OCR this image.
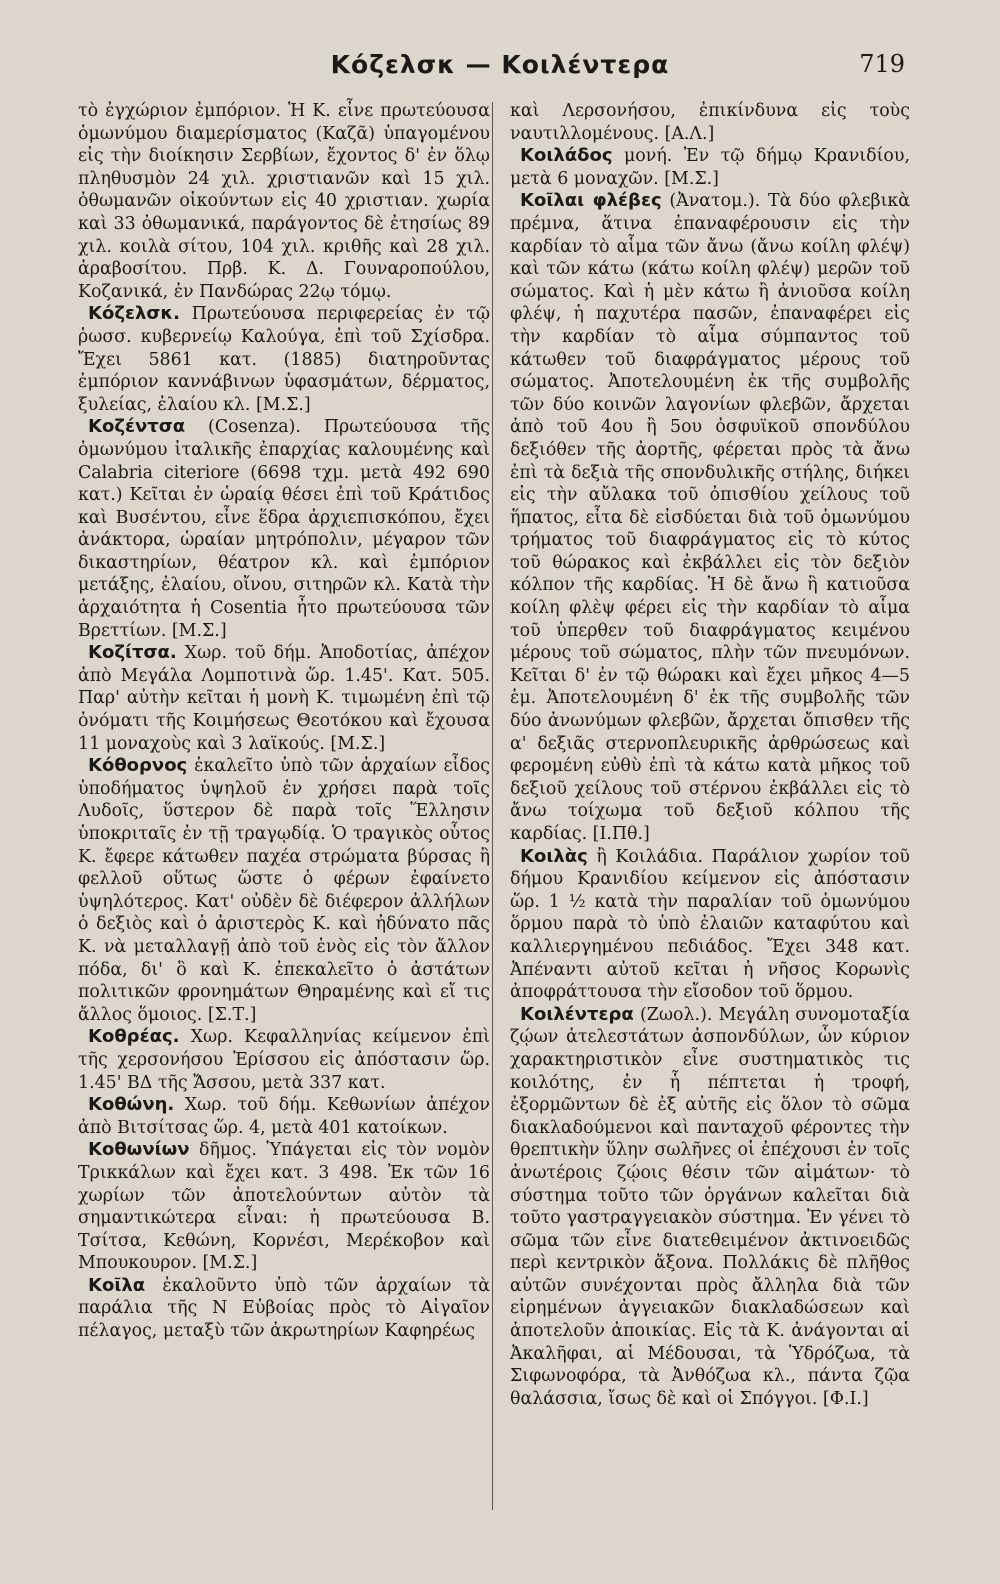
Κόζελσκ — Κοιλέντερα	719

τὸ ἐγχώριον ἐμπόριον. Ἡ Κ. εἶνε πρωτεύουσα ὁμωνύμου διαμερίσματος (Καζᾶ) ὑπαγομένου εἰς τὴν διοίκησιν Σερβίων, ἔχοντος δ' ἐν ὅλῳ πληθυσμὸν 24 χιλ. χριστιανῶν καὶ 15 χιλ. ὀθωμανῶν οἰκούντων εἰς 40 χριστιαν. χωρία καὶ 33 ὀθωμανικά, παράγοντος δὲ ἐτησίως 89 χιλ. κοιλὰ σίτου, 104 χιλ. κριθῆς καὶ 28 χιλ. ἀραβοσίτου. Πρβ. Κ. Δ. Γουναροπούλου, Κοζανικά, ἐν Πανδώρας 22ῳ τόμῳ.

Κόζελσκ. Πρωτεύουσα περιφερείας ἐν τῷ ῥωσσ. κυβερνείῳ Καλούγα, ἐπὶ τοῦ Σχίσδρα. Ἔχει 5861 κατ. (1885) διατηροῦντας ἐμπόριον καννάβινων ὑφασμάτων, δέρματος, ξυλείας, ἐλαίου κλ. [Μ.Σ.]

Κοζέντσα (Cosenza). Πρωτεύουσα τῆς ὁμωνύμου ἰταλικῆς ἐπαρχίας καλουμένης καὶ Calabria citeriore (6698 τχμ. μετὰ 492 690 κατ.) Κεῖται ἐν ὡραίᾳ θέσει ἐπὶ τοῦ Κράτιδος καὶ Βυσέντου, εἶνε ἕδρα ἀρχιεπισκόπου, ἔχει ἀνάκτορα, ὡραίαν μητρόπολιν, μέγαρον τῶν δικαστηρίων, θέατρον κλ. καὶ ἐμπόριον μετάξης, ἐλαίου, οἴνου, σιτηρῶν κλ. Κατὰ τὴν ἀρχαιότητα ἡ Cosentia ἦτο πρωτεύουσα τῶν Βρεττίων. [Μ.Σ.]

Κοζίτσα. Χωρ. τοῦ δήμ. Ἀποδοτίας, ἀπέχον ἀπὸ Μεγάλα Λομποτινὰ ὥρ. 1.45'. Κατ. 505. Παρ' αὐτὴν κεῖται ἡ μονὴ Κ. τιμωμένη ἐπὶ τῷ ὀνόματι τῆς Κοιμήσεως Θεοτόκου καὶ ἔχουσα 11 μοναχοὺς καὶ 3 λαϊκούς. [Μ.Σ.]

Κόθορνος ἐκαλεῖτο ὑπὸ τῶν ἀρχαίων εἶδος ὑποδήματος ὑψηλοῦ ἐν χρήσει παρὰ τοῖς Λυδοῖς, ὕστερον δὲ παρὰ τοῖς Ἕλλησιν ὑποκριταῖς ἐν τῇ τραγῳδίᾳ. Ὁ τραγικὸς οὗτος Κ. ἔφερε κάτωθεν παχέα στρώματα βύρσας ἢ φελλοῦ οὕτως ὥστε ὁ φέρων ἐφαίνετο ὑψηλότερος. Κατ' οὐδὲν δὲ διέφερον ἀλλήλων ὁ δεξιὸς καὶ ὁ ἀριστερὸς Κ. καὶ ἠδύνατο πᾶς Κ. νὰ μεταλλαγῇ ἀπὸ τοῦ ἑνὸς εἰς τὸν ἄλλον πόδα, δι' ὃ καὶ Κ. ἐπεκαλεῖτο ὁ ἀστάτων πολιτικῶν φρονημάτων Θηραμένης καὶ εἴ τις ἄλλος ὅμοιος. [Σ.Τ.]

Κοθρέας. Χωρ. Κεφαλληνίας κείμενον ἐπὶ τῆς χερσονήσου Ἐρίσσου εἰς ἀπόστασιν ὥρ. 1.45' ΒΔ τῆς Ἄσσου, μετὰ 337 κατ.

Κοθώνη. Χωρ. τοῦ δήμ. Κεθωνίων ἀπέχον ἀπὸ Βιτσίτσας ὥρ. 4, μετὰ 401 κατοίκων.

Κοθωνίων δῆμος. Ὑπάγεται εἰς τὸν νομὸν Τρικκάλων καὶ ἔχει κατ. 3 498. Ἐκ τῶν 16 χωρίων τῶν ἀποτελούντων αὐτὸν τὰ σημαντικώτερα εἶναι: ἡ πρωτεύουσα Β. Τσίτσα, Κεθώνη, Κορνέσι, Μερέκοβον καὶ Μπουκουρον. [Μ.Σ.]

Κοῖλα ἐκαλοῦντο ὑπὸ τῶν ἀρχαίων τὰ παράλια τῆς Ν Εὐβοίας πρὸς τὸ Αἰγαῖον πέλαγος, μεταξὺ τῶν ἀκρωτηρίων Καφηρέως

καὶ Λερσονήσου, ἐπικίνδυνα εἰς τοὺς ναυτιλλομένους. [Α.Λ.]

Κοιλάδος μονή. Ἐν τῷ δήμῳ Κρανιδίου, μετὰ 6 μοναχῶν. [Μ.Σ.]

Κοῖλαι φλέβες (Ἀνατομ.). Τὰ δύο φλεβικὰ πρέμνα, ἅτινα ἐπαναφέρουσιν εἰς τὴν καρδίαν τὸ αἷμα τῶν ἄνω (ἄνω κοίλη φλέψ) καὶ τῶν κάτω (κάτω κοίλη φλέψ) μερῶν τοῦ σώματος. Καὶ ἡ μὲν κάτω ἢ ἀνιοῦσα κοίλη φλέψ, ἡ παχυτέρα πασῶν, ἐπαναφέρει εἰς τὴν καρδίαν τὸ αἷμα σύμπαντος τοῦ κάτωθεν τοῦ διαφράγματος μέρους τοῦ σώματος. Ἀποτελουμένη ἐκ τῆς συμβολῆς τῶν δύο κοινῶν λαγονίων φλεβῶν, ἄρχεται ἀπὸ τοῦ 4ου ἢ 5ου ὀσφυϊκοῦ σπονδύλου δεξιόθεν τῆς ἀορτῆς, φέρεται πρὸς τὰ ἄνω ἐπὶ τὰ δεξιὰ τῆς σπονδυλικῆς στήλης, διήκει εἰς τὴν αὔλακα τοῦ ὀπισθίου χείλους τοῦ ἥπατος, εἶτα δὲ εἰσδύεται διὰ τοῦ ὁμωνύμου τρήματος τοῦ διαφράγματος εἰς τὸ κύτος τοῦ θώρακος καὶ ἐκβάλλει εἰς τὸν δεξιὸν κόλπον τῆς καρδίας. Ἡ δὲ ἄνω ἢ κατιοῦσα κοίλη φλὲψ φέρει εἰς τὴν καρδίαν τὸ αἷμα τοῦ ὑπερθεν τοῦ διαφράγματος κειμένου μέρους τοῦ σώματος, πλὴν τῶν πνευμόνων. Κεῖται δ' ἐν τῷ θώρακι καὶ ἔχει μῆκος 4—5 ἑμ. Ἀποτελουμένη δ' ἐκ τῆς συμβολῆς τῶν δύο ἀνωνύμων φλεβῶν, ἄρχεται ὄπισθεν τῆς α' δεξιᾶς στερνοπλευρικῆς ἀρθρώσεως καὶ φερομένη εὐθὺ ἐπὶ τὰ κάτω κατὰ μῆκος τοῦ δεξιοῦ χείλους τοῦ στέρνου ἐκβάλλει εἰς τὸ ἄνω τοίχωμα τοῦ δεξιοῦ κόλπου τῆς καρδίας. [Ι.Πθ.]

Κοιλὰς ἢ Κοιλάδια. Παράλιον χωρίον τοῦ δήμου Κρανιδίου κείμενον εἰς ἀπόστασιν ὥρ. 1 ½ κατὰ τὴν παραλίαν τοῦ ὁμωνύμου ὅρμου παρὰ τὸ ὑπὸ ἐλαιῶν καταφύτου καὶ καλλιεργημένου πεδιάδος. Ἔχει 348 κατ. Ἀπέναντι αὐτοῦ κεῖται ἡ νῆσος Κορωνὶς ἀποφράττουσα τὴν εἴσοδον τοῦ ὅρμου.

Κοιλέντερα (Ζωολ.). Μεγάλη συνομοταξία ζῴων ἀτελεστάτων ἀσπονδύλων, ὧν κύριον χαρακτηριστικὸν εἶνε συστηματικὸς τις κοιλότης, ἐν ἧ πέπτεται ἡ τροφή, ἐξορμῶντων δὲ ἐξ αὐτῆς εἰς ὅλον τὸ σῶμα διακλαδούμενοι καὶ πανταχοῦ φέροντες τὴν θρεπτικὴν ὕλην σωλῆνες οἱ ἐπέχουσι ἐν τοῖς ἀνωτέροις ζῴοις θέσιν τῶν αἱμάτων· τὸ σύστημα τοῦτο τῶν ὀργάνων καλεῖται διὰ τοῦτο γαστραγγειακὸν σύστημα. Ἐν γένει τὸ σῶμα τῶν εἶνε διατεθειμένον ἀκτινοειδῶς περὶ κεντρικὸν ἄξονα. Πολλάκις δὲ πλῆθος αὐτῶν συνέχονται πρὸς ἄλληλα διὰ τῶν εἰρημένων ἀγγειακῶν διακλαδώσεων καὶ ἀποτελοῦν ἀποικίας. Εἰς τὰ Κ. ἀνάγονται αἱ Ἀκαλῆφαι, αἱ Μέδουσαι, τὰ Ὑδρόζωα, τὰ Σιφωνοφόρα, τὰ Ἀνθόζωα κλ., πάντα ζῷα θαλάσσια, ἴσως δὲ καὶ οἱ Σπόγγοι. [Φ.Ι.]
